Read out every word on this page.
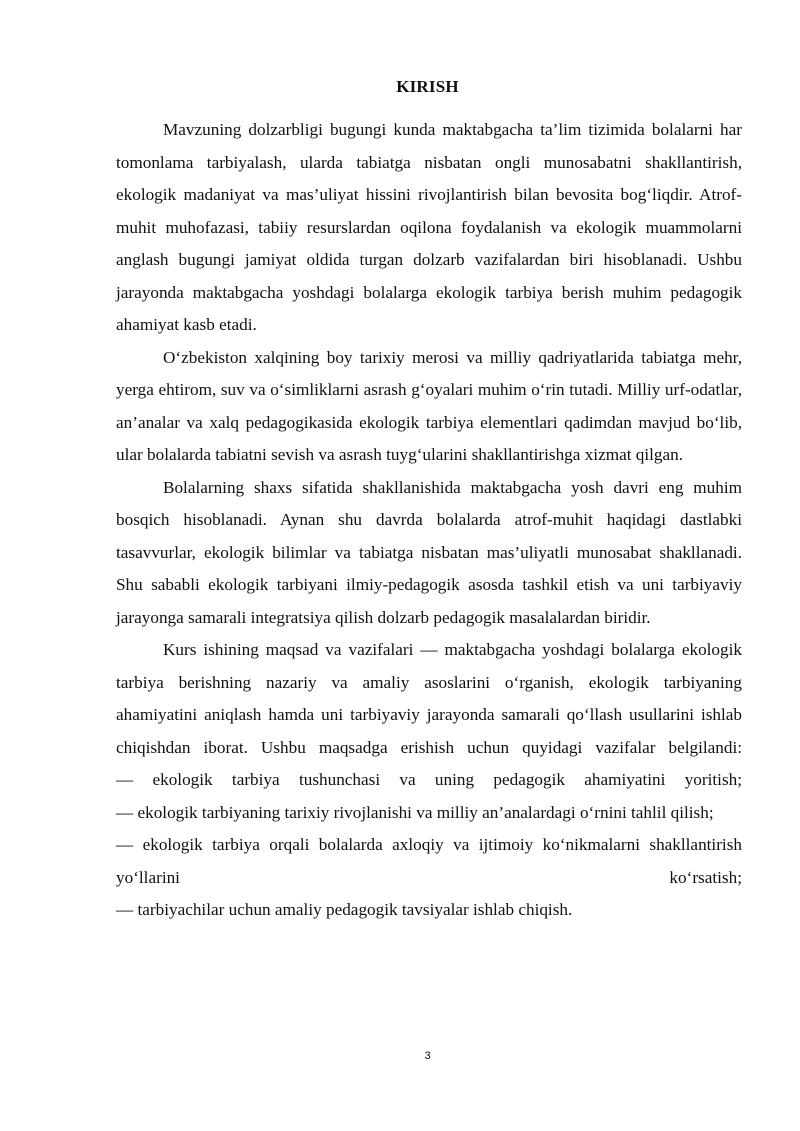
KIRISH

Mavzuning dolzarbligi bugungi kunda maktabgacha ta’lim tizimida bolalarni har tomonlama tarbiyalash, ularda tabiatga nisbatan ongli munosabatni shakllantirish, ekologik madaniyat va mas’uliyat hissini rivojlantirish bilan bevosita bog‘liqdir. Atrof-muhit muhofazasi, tabiiy resurslardan oqilona foydalanish va ekologik muammolarni anglash bugungi jamiyat oldida turgan dolzarb vazifalardan biri hisoblanadi. Ushbu jarayonda maktabgacha yoshdagi bolalarga ekologik tarbiya berish muhim pedagogik ahamiyat kasb etadi.

O‘zbekiston xalqining boy tarixiy merosi va milliy qadriyatlarida tabiatga mehr, yerga ehtirom, suv va o‘simliklarni asrash g‘oyalari muhim o‘rin tutadi. Milliy urf-odatlar, an’analar va xalq pedagogikasida ekologik tarbiya elementlari qadimdan mavjud bo‘lib, ular bolalarda tabiatni sevish va asrash tuyg‘ularini shakllantirishga xizmat qilgan.

Bolalarning shaxs sifatida shakllanishida maktabgacha yosh davri eng muhim bosqich hisoblanadi. Aynan shu davrda bolalarda atrof-muhit haqidagi dastlabki tasavvurlar, ekologik bilimlar va tabiatga nisbatan mas’uliyatli munosabat shakllanadi. Shu sababli ekologik tarbiyani ilmiy-pedagogik asosda tashkil etish va uni tarbiyaviy jarayonga samarali integratsiya qilish dolzarb pedagogik masalalardan biridir.

Kurs ishining maqsad va vazifalari — maktabgacha yoshdagi bolalarga ekologik tarbiya berishning nazariy va amaliy asoslarini o‘rganish, ekologik tarbiyaning ahamiyatini aniqlash hamda uni tarbiyaviy jarayonda samarali qo‘llash usullarini ishlab chiqishdan iborat. Ushbu maqsadga erishish uchun quyidagi vazifalar belgilandi:

— ekologik tarbiya tushunchasi va uning pedagogik ahamiyatini yoritish;
— ekologik tarbiyaning tarixiy rivojlanishi va milliy an’analardagi o‘rnini tahlil qilish;
— ekologik tarbiya orqali bolalarda axloqiy va ijtimoiy ko‘nikmalarni shakllantirish yo‘llarini ko‘rsatish;
— tarbiyachilar uchun amaliy pedagogik tavsiyalar ishlab chiqish.
3
